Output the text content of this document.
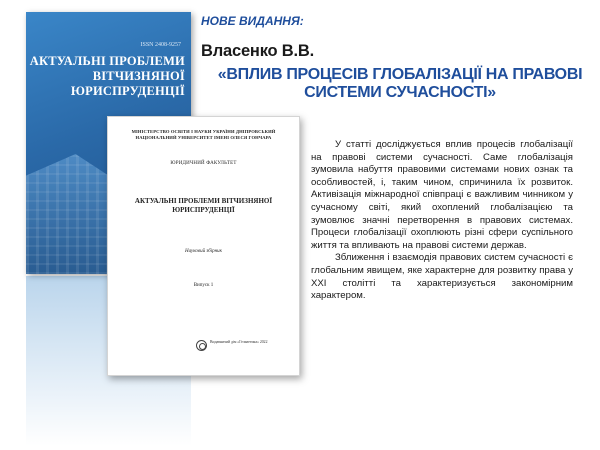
ISSN 2408-9257
АКТУАЛЬНІ ПРОБЛЕМИ ВІТЧИЗНЯНОЇ ЮРИСПРУДЕНЦІЇ
МІНІСТЕРСТВО ОСВІТИ І НАУКИ УКРАЇНИ ДНІПРОВСЬКИЙ НАЦІОНАЛЬНИЙ УНІВЕРСИТЕТ ІМЕНІ ОЛЕСЯ ГОНЧАРА
ЮРИДИЧНИЙ ФАКУЛЬТЕТ
АКТУАЛЬНІ ПРОБЛЕМИ ВІТЧИЗНЯНОЇ ЮРИСПРУДЕНЦІЇ
Науковий збірник
Випуск 1
Видавничий дім «Гельветика» 2022
НОВЕ ВИДАННЯ:
Власенко В.В.
«ВПЛИВ ПРОЦЕСІВ ГЛОБАЛІЗАЦІЇ НА ПРАВОВІ СИСТЕМИ СУЧАСНОСТІ»

У статті досліджується вплив процесів глобалізації на правові системи сучасності. Саме глобалізація зумовила набуття правовими системами нових ознак та особливостей, і, таким чином, спричинила їх розвиток. Активізація міжнародної співпраці є важливим чинником у сучасному світі, який охоплений глобалізацією та зумовлює значні перетворення в правових системах. Процеси глобалізації охоплюють різні сфери суспільного життя та впливають на правові системи держав.

Зближення і взаємодія правових систем сучасності є глобальним явищем, яке характерне для розвитку права у ХХІ столітті та характеризується закономірним характером.
